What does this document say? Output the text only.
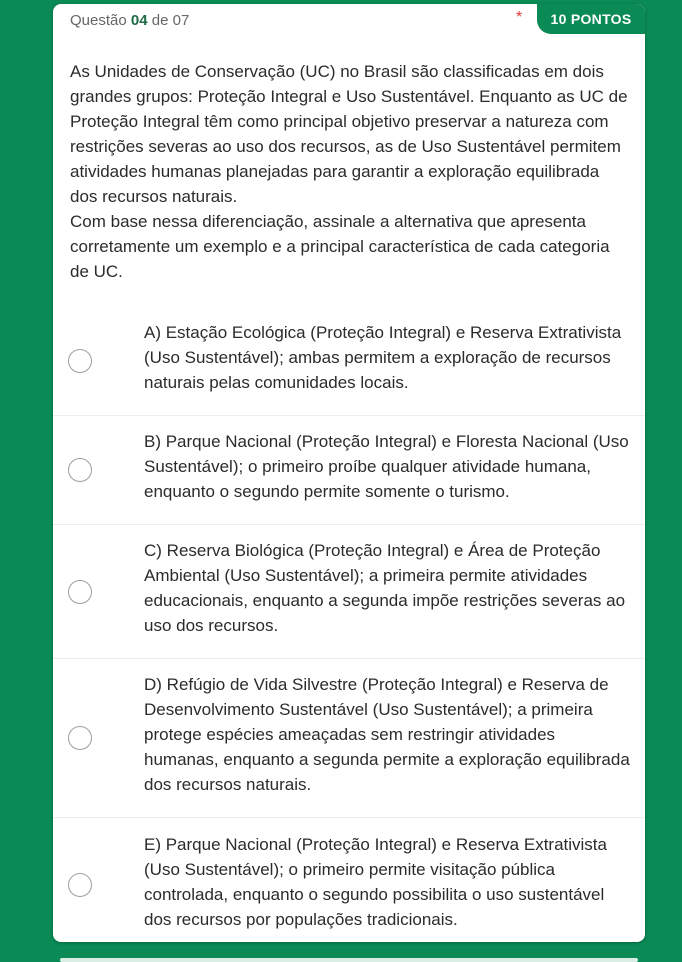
Questão 04 de 07	*	10 PONTOS

As Unidades de Conservação (UC) no Brasil são classificadas em dois grandes grupos: Proteção Integral e Uso Sustentável. Enquanto as UC de Proteção Integral têm como principal objetivo preservar a natureza com restrições severas ao uso dos recursos, as de Uso Sustentável permitem atividades humanas planejadas para garantir a exploração equilibrada dos recursos naturais.

Com base nessa diferenciação, assinale a alternativa que apresenta corretamente um exemplo e a principal característica de cada categoria de UC.

A) Estação Ecológica (Proteção Integral) e Reserva Extrativista (Uso Sustentável); ambas permitem a exploração de recursos naturais pelas comunidades locais.
B) Parque Nacional (Proteção Integral) e Floresta Nacional (Uso Sustentável); o primeiro proíbe qualquer atividade humana, enquanto o segundo permite somente o turismo.
C) Reserva Biológica (Proteção Integral) e Área de Proteção Ambiental (Uso Sustentável); a primeira permite atividades educacionais, enquanto a segunda impõe restrições severas ao uso dos recursos.
D) Refúgio de Vida Silvestre (Proteção Integral) e Reserva de Desenvolvimento Sustentável (Uso Sustentável); a primeira protege espécies ameaçadas sem restringir atividades humanas, enquanto a segunda permite a exploração equilibrada dos recursos naturais.
E) Parque Nacional (Proteção Integral) e Reserva Extrativista (Uso Sustentável); o primeiro permite visitação pública controlada, enquanto o segundo possibilita o uso sustentável dos recursos por populações tradicionais.
